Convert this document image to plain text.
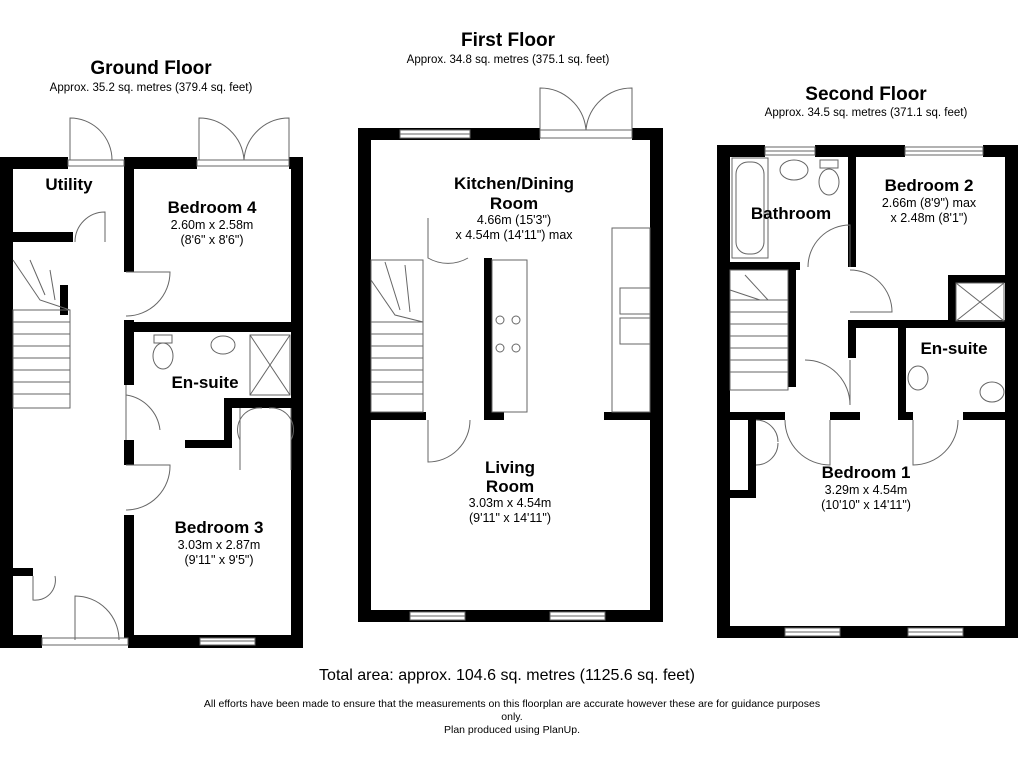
Ground Floor
Approx. 35.2 sq. metres (379.4 sq. feet)
First Floor
Approx. 34.8 sq. metres (375.1 sq. feet)
Second Floor
Approx. 34.5 sq. metres (371.1 sq. feet)
Utility
Bedroom 4
2.60m x 2.58m
(8'6" x 8'6")
En-suite
Bedroom 3
3.03m x 2.87m
(9'11" x 9'5")
Kitchen/Dining
Room
4.66m (15'3")
x 4.54m (14'11") max
Living
Room
3.03m x 4.54m
(9'11" x 14'11")
Bathroom
Bedroom 2
2.66m (8'9") max
x 2.48m (8'1")
En-suite
Bedroom 1
3.29m x 4.54m
(10'10" x 14'11")
Total area: approx. 104.6 sq. metres (1125.6 sq. feet)
All efforts have been made to ensure that the measurements on this floorplan are accurate however these are for guidance purposes
only.
Plan produced using PlanUp.
